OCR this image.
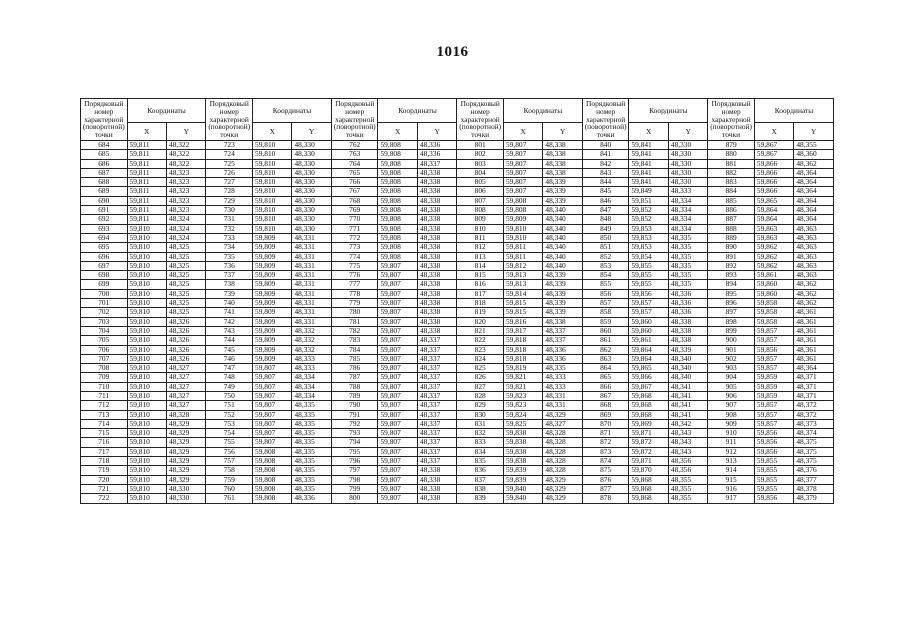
1016
Порядковый номер характерной (поворотной) точки	Координаты		Порядковый номер характерной (поворотной) точки	Координаты		Порядковый номер характерной (поворотной) точки	Координаты		Порядковый номер характерной (поворотной) точки	Координаты		Порядковый номер характерной (поворотной) точки	Координаты		Порядковый номер характерной (поворотной) точки	Координаты	
	X	Y		X	Y		X	Y		X	Y		X	Y		X	Y
684	59,811	48,322	723	59,810	48,330	762	59,808	48,336	801	59,807	48,338	840	59,841	48,330	879	59,867	48,355
685	59,811	48,322	724	59,810	48,330	763	59,808	48,336	802	59,807	48,338	841	59,841	48,330	880	59,867	48,360
686	59,811	48,322	725	59,810	48,330	764	59,808	48,337	803	59,807	48,338	842	59,841	48,330	881	59,866	48,362
687	59,811	48,323	726	59,810	48,330	765	59,808	48,338	804	59,807	48,338	843	59,841	48,330	882	59,866	48,364
688	59,811	48,323	727	59,810	48,330	766	59,808	48,338	805	59,807	48,339	844	59,841	48,330	883	59,866	48,364
689	59,811	48,323	728	59,810	48,330	767	59,808	48,338	806	59,807	48,339	845	59,849	48,333	884	59,866	48,364
690	59,811	48,323	729	59,810	48,330	768	59,808	48,338	807	59,808	48,339	846	59,851	48,334	885	59,865	48,364
691	59,811	48,323	730	59,810	48,330	769	59,808	48,338	808	59,808	48,340	847	59,852	48,334	886	59,864	48,364
692	59,811	48,324	731	59,810	48,330	770	59,808	48,338	809	59,809	48,340	848	59,852	48,334	887	59,864	48,364
693	59,810	48,324	732	59,810	48,330	771	59,808	48,338	810	59,810	48,340	849	59,853	48,334	888	59,863	48,363
694	59,810	48,324	733	59,809	48,331	772	59,808	48,338	811	59,810	48,340	850	59,853	48,335	889	59,863	48,363
695	59,810	48,325	734	59,809	48,331	773	59,808	48,338	812	59,811	48,340	851	59,853	48,335	890	59,862	48,363
696	59,810	48,325	735	59,809	48,331	774	59,808	48,338	813	59,811	48,340	852	59,854	48,335	891	59,862	48,363
697	59,810	48,325	736	59,809	48,331	775	59,807	48,338	814	59,812	48,340	853	59,855	48,335	892	59,862	48,363
698	59,810	48,325	737	59,809	48,331	776	59,807	48,338	815	59,813	48,339	854	59,855	48,335	893	59,861	48,363
699	59,810	48,325	738	59,809	48,331	777	59,807	48,338	816	59,813	48,339	855	59,855	48,335	894	59,860	48,362
700	59,810	48,325	739	59,809	48,331	778	59,807	48,338	817	59,814	48,339	856	59,856	48,336	895	59,860	48,362
701	59,810	48,325	740	59,809	48,331	779	59,807	48,338	818	59,815	48,339	857	59,857	48,336	896	59,858	48,362
702	59,810	48,325	741	59,809	48,331	780	59,807	48,338	819	59,815	48,339	858	59,857	48,336	897	59,858	48,361
703	59,810	48,326	742	59,809	48,331	781	59,807	48,338	820	59,816	48,338	859	59,860	48,338	898	59,858	48,361
704	59,810	48,326	743	59,809	48,332	782	59,807	48,338	821	59,817	48,337	860	59,860	48,338	899	59,857	48,361
705	59,810	48,326	744	59,809	48,332	783	59,807	48,337	822	59,818	48,337	861	59,861	48,338	900	59,857	48,361
706	59,810	48,326	745	59,809	48,332	784	59,807	48,337	823	59,818	48,336	862	59,864	48,339	901	59,856	48,361
707	59,810	48,326	746	59,809	48,333	785	59,807	48,337	824	59,818	48,336	863	59,864	48,340	902	59,857	48,361
708	59,810	48,327	747	59,807	48,333	786	59,807	48,337	825	59,819	48,335	864	59,865	48,340	903	59,857	48,364
709	59,810	48,327	748	59,807	48,334	787	59,807	48,337	826	59,821	48,333	865	59,866	48,340	904	59,859	48,371
710	59,810	48,327	749	59,807	48,334	788	59,807	48,337	827	59,821	48,333	866	59,867	48,341	905	59,859	48,371
711	59,810	48,327	750	59,807	48,334	789	59,807	48,337	828	59,823	48,331	867	59,868	48,341	906	59,859	48,371
712	59,810	48,327	751	59,807	48,335	790	59,807	48,337	829	59,823	48,331	868	59,868	48,341	907	59,857	48,372
713	59,810	48,328	752	59,807	48,335	791	59,807	48,337	830	59,824	48,329	869	59,868	48,341	908	59,857	48,372
714	59,810	48,329	753	59,807	48,335	792	59,807	48,337	831	59,825	48,327	870	59,869	48,342	909	59,857	48,373
715	59,810	48,329	754	59,807	48,335	793	59,807	48,337	832	59,838	48,328	871	59,871	48,343	910	59,856	48,374
716	59,810	48,329	755	59,807	48,335	794	59,807	48,337	833	59,838	48,328	872	59,872	48,343	911	59,856	48,375
717	59,810	48,329	756	59,808	48,335	795	59,807	48,337	834	59,838	48,328	873	59,872	48,343	912	59,856	48,375
718	59,810	48,329	757	59,808	48,335	796	59,807	48,337	835	59,838	48,328	874	59,871	48,356	913	59,855	48,375
719	59,810	48,329	758	59,808	48,335	797	59,807	48,338	836	59,839	48,328	875	59,870	48,356	914	59,855	48,376
720	59,810	48,329	759	59,808	48,335	798	59,807	48,338	837	59,839	48,329	876	59,868	48,355	915	59,855	48,377
721	59,810	48,330	760	59,808	48,335	799	59,807	48,338	838	59,840	48,329	877	59,868	48,355	916	59,855	48,378
722	59,810	48,330	761	59,808	48,336	800	59,807	48,338	839	59,840	48,329	878	59,868	48,355	917	59,856	48,379
